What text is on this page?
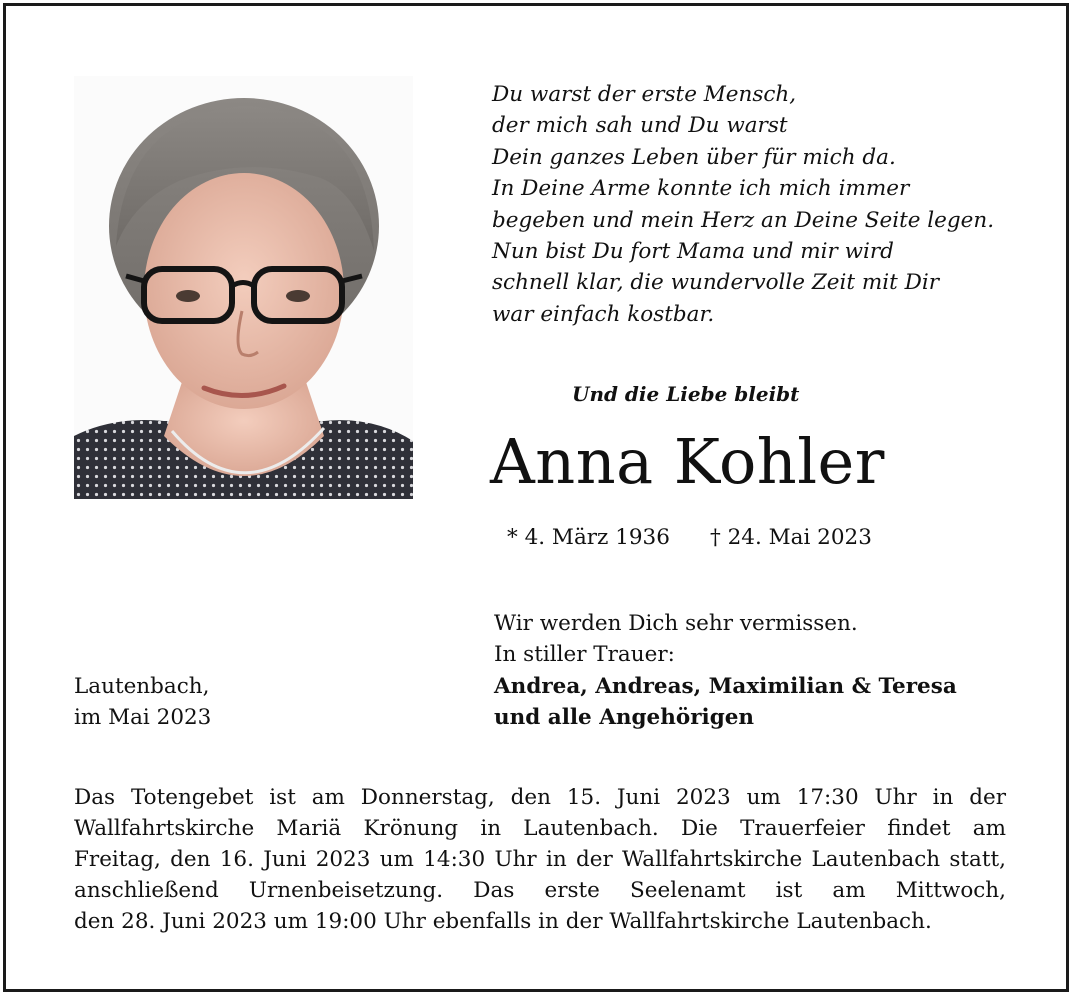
Du warst der erste Mensch,
der mich sah und Du warst
Dein ganzes Leben über für mich da.
In Deine Arme konnte ich mich immer
begeben und mein Herz an Deine Seite legen.
Nun bist Du fort Mama und mir wird
schnell klar, die wundervolle Zeit mit Dir
war einfach kostbar.
Und die Liebe bleibt
Anna Kohler
* 4. März 1936 † 24. Mai 2023
Wir werden Dich sehr vermissen.
In stiller Trauer:
Andrea, Andreas, Maximilian & Teresa
und alle Angehörigen
Lautenbach,
im Mai 2023
Das Totengebet ist am Donnerstag, den 15. Juni 2023 um 17:30 Uhr in der
Wallfahrtskirche Mariä Krönung in Lautenbach. Die Trauerfeier findet am
Freitag, den 16. Juni 2023 um 14:30 Uhr in der Wallfahrtskirche Lautenbach statt,
anschließend Urnenbeisetzung. Das erste Seelenamt ist am Mittwoch,
den 28. Juni 2023 um 19:00 Uhr ebenfalls in der Wallfahrtskirche Lautenbach.
